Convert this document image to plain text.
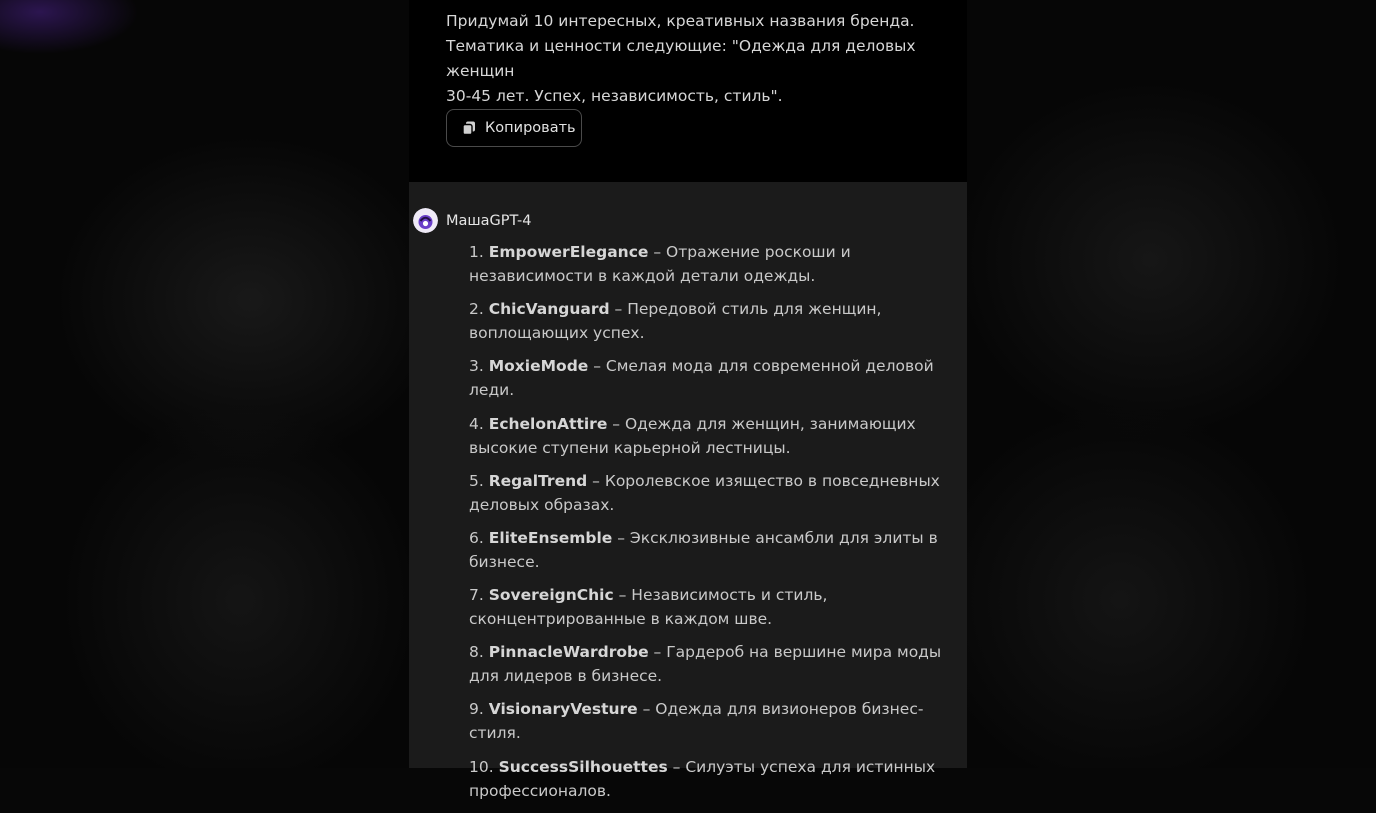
Придумай 10 интересных, креативных названия бренда.
Тематика и ценности следующие: "Одежда для деловых женщин
30-45 лет. Успех, независимость, стиль".

Копировать
МашаGPT-4
1. EmpowerElegance – Отражение роскоши и независимости в каждой детали одежды.
2. ChicVanguard – Передовой стиль для женщин, воплощающих успех.
3. MoxieMode – Смелая мода для современной деловой леди.
4. EchelonAttire – Одежда для женщин, занимающих высокие ступени карьерной лестницы.
5. RegalTrend – Королевское изящество в повседневных деловых образах.
6. EliteEnsemble – Эксклюзивные ансамбли для элиты в бизнесе.
7. SovereignChic – Независимость и стиль, сконцентрированные в каждом шве.
8. PinnacleWardrobe – Гардероб на вершине мира моды для лидеров в бизнесе.
9. VisionaryVesture – Одежда для визионеров бизнес-стиля.
10. SuccessSilhouettes – Силуэты успеха для истинных профессионалов.
